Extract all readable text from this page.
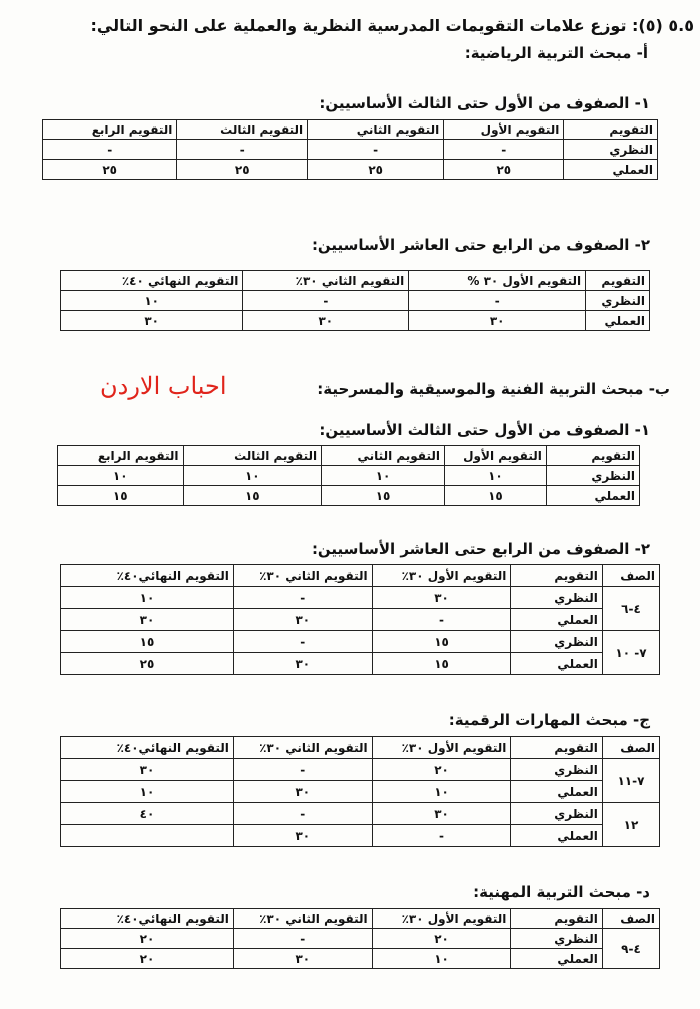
٥.٥ (٥): توزع علامات التقويمات المدرسية النظرية والعملية على النحو التالي:
أ- مبحث التربية الرياضية:
١- الصفوف من الأول حتى الثالث الأساسيين:
التقويم	التقويم الأول	التقويم الثاني	التقويم الثالث	التقويم الرابع
النظري	-	-	-	-
العملي	٢٥	٢٥	٢٥	٢٥
٢- الصفوف من الرابع حتى العاشر الأساسيين:
التقويم	التقويم الأول ٣٠ %	التقويم الثاني ٣٠٪	التقويم النهائي ٤٠٪
النظري	-	-	١٠
العملي	٣٠	٣٠	٣٠
احباب الاردن	ب- مبحث التربية الفنية والموسيقية والمسرحية:
١- الصفوف من الأول حتى الثالث الأساسيين:
التقويم	التقويم الأول	التقويم الثاني	التقويم الثالث	التقويم الرابع
النظري	١٠	١٠	١٠	١٠
العملي	١٥	١٥	١٥	١٥
٢- الصفوف من الرابع حتى العاشر الأساسيين:
الصف	التقويم	التقويم الأول ٣٠٪	التقويم الثاني ٣٠٪	التقويم النهائي٤٠٪
٤-٦	النظري	٣٠	-	١٠
	العملي	-	٣٠	٣٠
٧- ١٠	النظري	١٥	-	١٥
	العملي	١٥	٣٠	٢٥
ج- مبحث المهارات الرقمية:
الصف	التقويم	التقويم الأول ٣٠٪	التقويم الثاني ٣٠٪	التقويم النهائي٤٠٪
٧-١١	النظري	٢٠	-	٣٠
	العملي	١٠	٣٠	١٠
١٢	النظري	٣٠	-	٤٠
	العملي	-	٣٠	
د- مبحث التربية المهنية:
الصف	التقويم	التقويم الأول ٣٠٪	التقويم الثاني ٣٠٪	التقويم النهائي٤٠٪
٤-٩	النظري	٢٠	-	٢٠
	العملي	١٠	٣٠	٢٠
